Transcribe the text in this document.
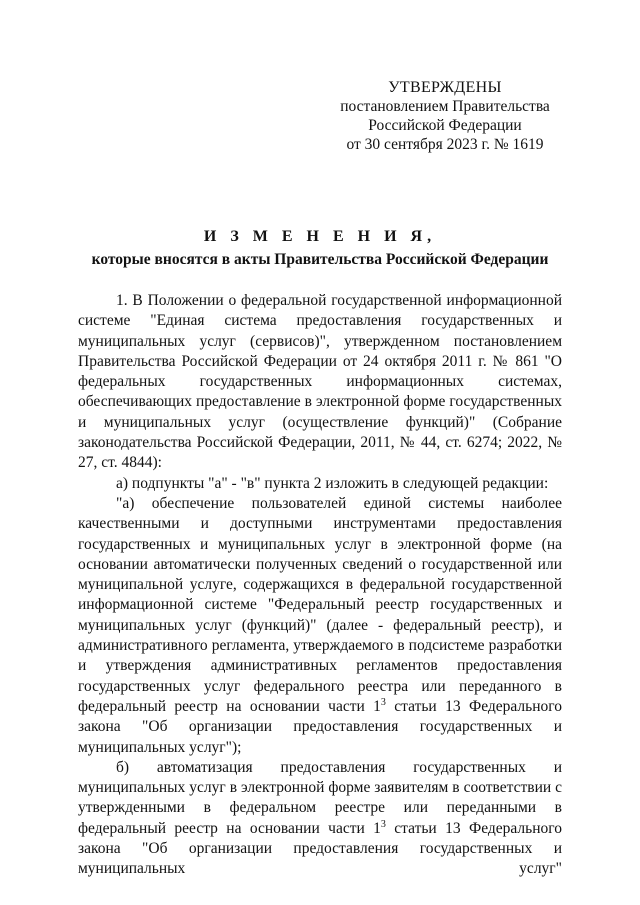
УТВЕРЖДЕНЫ
постановлением Правительства
Российской Федерации
от 30 сентября 2023 г. № 1619
И З М Е Н Е Н И Я,
которые вносятся в акты Правительства Российской Федерации

1. В Положении о федеральной государственной информационной системе "Единая система предоставления государственных и муниципальных услуг (сервисов)", утвержденном постановлением Правительства Российской Федерации от 24 октября 2011 г. № 861 "О федеральных государственных информационных системах, обеспечивающих предоставление в электронной форме государственных и муниципальных услуг (осуществление функций)" (Собрание законодательства Российской Федерации, 2011, № 44, ст. 6274; 2022, № 27, ст. 4844):

а) подпункты "а" - "в" пункта 2 изложить в следующей редакции:

"а) обеспечение пользователей единой системы наиболее качественными и доступными инструментами предоставления государственных и муниципальных услуг в электронной форме (на основании автоматически полученных сведений о государственной или муниципальной услуге, содержащихся в федеральной государственной информационной системе "Федеральный реестр государственных и муниципальных услуг (функций)" (далее - федеральный реестр), и административного регламента, утверждаемого в подсистеме разработки и утверждения административных регламентов предоставления государственных услуг федерального реестра или переданного в федеральный реестр на основании части $1^3$ статьи 13 Федерального закона "Об организации предоставления государственных и муниципальных услуг");

б) автоматизация предоставления государственных и муниципальных услуг в электронной форме заявителям в соответствии с утвержденными в федеральном реестре или переданными в федеральный реестр на основании части $1^3$ статьи 13 Федерального закона "Об организации предоставления государственных и муниципальных услуг"
